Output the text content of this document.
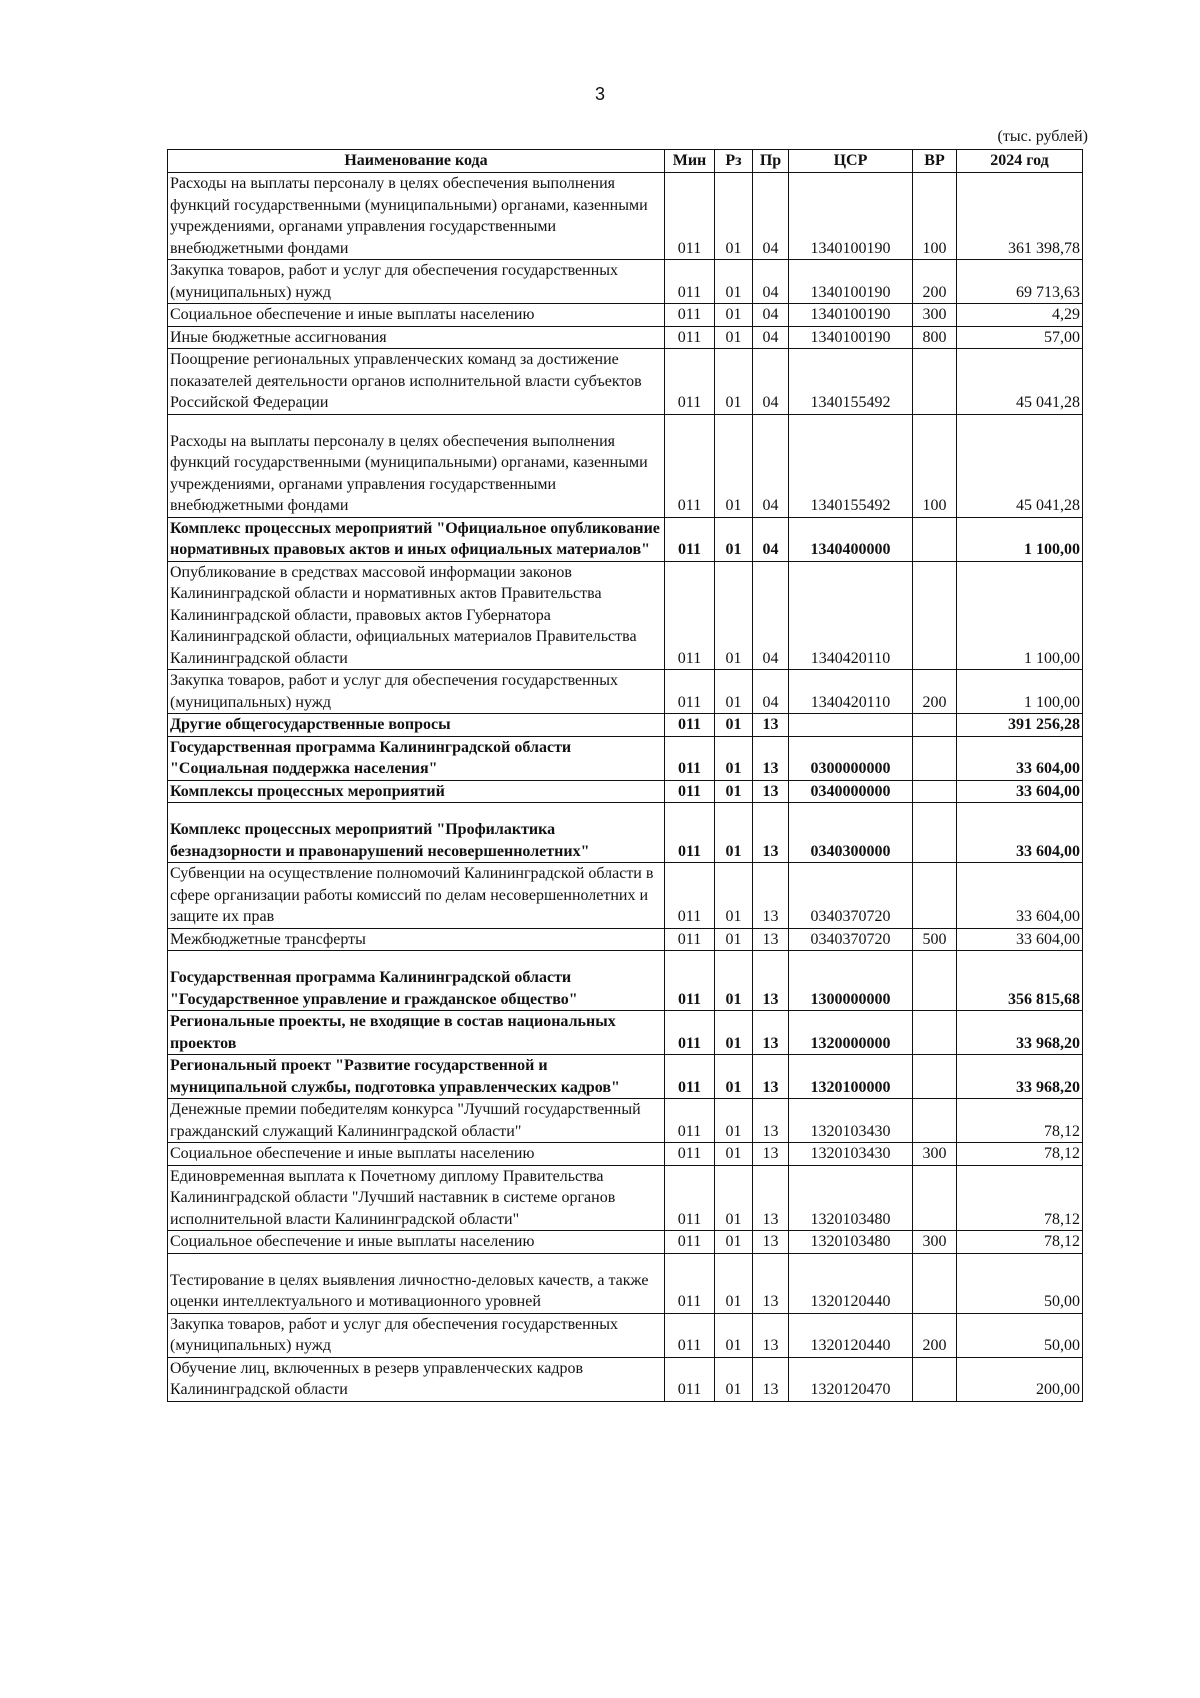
3
(тыс. рублей)
Наименование кода	Мин	Рз	Пр	ЦСР	ВР	2024 год
Расходы на выплаты персоналу в целях обеспечения выполнения функций государственными (муниципальными) органами, казенными учреждениями, органами управления государственными внебюджетными фондами	011	01	04	1340100190	100	361 398,78
Закупка товаров, работ и услуг для обеспечения государственных (муниципальных) нужд	011	01	04	1340100190	200	69 713,63
Социальное обеспечение и иные выплаты населению	011	01	04	1340100190	300	4,29
Иные бюджетные ассигнования	011	01	04	1340100190	800	57,00
Поощрение региональных управленческих команд за достижение показателей деятельности органов исполнительной власти субъектов Российской Федерации	011	01	04	1340155492		45 041,28
Расходы на выплаты персоналу в целях обеспечения выполнения функций государственными (муниципальными) органами, казенными учреждениями, органами управления государственными внебюджетными фондами	011	01	04	1340155492	100	45 041,28
Комплекс процессных мероприятий "Официальное опубликование нормативных правовых актов и иных официальных материалов"	011	01	04	1340400000		1 100,00
Опубликование в средствах массовой информации законов Калининградской области и нормативных актов Правительства Калининградской области, правовых актов Губернатора Калининградской области, официальных материалов Правительства Калининградской области	011	01	04	1340420110		1 100,00
Закупка товаров, работ и услуг для обеспечения государственных (муниципальных) нужд	011	01	04	1340420110	200	1 100,00
Другие общегосударственные вопросы	011	01	13			391 256,28
Государственная программа Калининградской области "Социальная поддержка населения"	011	01	13	0300000000		33 604,00
Комплексы процессных мероприятий	011	01	13	0340000000		33 604,00
Комплекс процессных мероприятий "Профилактика безнадзорности и правонарушений несовершеннолетних"	011	01	13	0340300000		33 604,00
Субвенции на осуществление полномочий Калининградской области в сфере организации работы комиссий по делам несовершеннолетних и защите их прав	011	01	13	0340370720		33 604,00
Межбюджетные трансферты	011	01	13	0340370720	500	33 604,00
Государственная программа Калининградской области "Государственное управление и гражданское общество"	011	01	13	1300000000		356 815,68
Региональные проекты, не входящие в состав национальных проектов	011	01	13	1320000000		33 968,20
Региональный проект "Развитие государственной и муниципальной службы, подготовка управленческих кадров"	011	01	13	1320100000		33 968,20
Денежные премии победителям конкурса "Лучший государственный гражданский служащий Калининградской области"	011	01	13	1320103430		78,12
Социальное обеспечение и иные выплаты населению	011	01	13	1320103430	300	78,12
Единовременная выплата к Почетному диплому Правительства Калининградской области "Лучший наставник в системе органов исполнительной власти Калининградской области"	011	01	13	1320103480		78,12
Социальное обеспечение и иные выплаты населению	011	01	13	1320103480	300	78,12
Тестирование в целях выявления личностно-деловых качеств, а также оценки интеллектуального и мотивационного уровней	011	01	13	1320120440		50,00
Закупка товаров, работ и услуг для обеспечения государственных (муниципальных) нужд	011	01	13	1320120440	200	50,00
Обучение лиц, включенных в резерв управленческих кадров Калининградской области	011	01	13	1320120470		200,00
